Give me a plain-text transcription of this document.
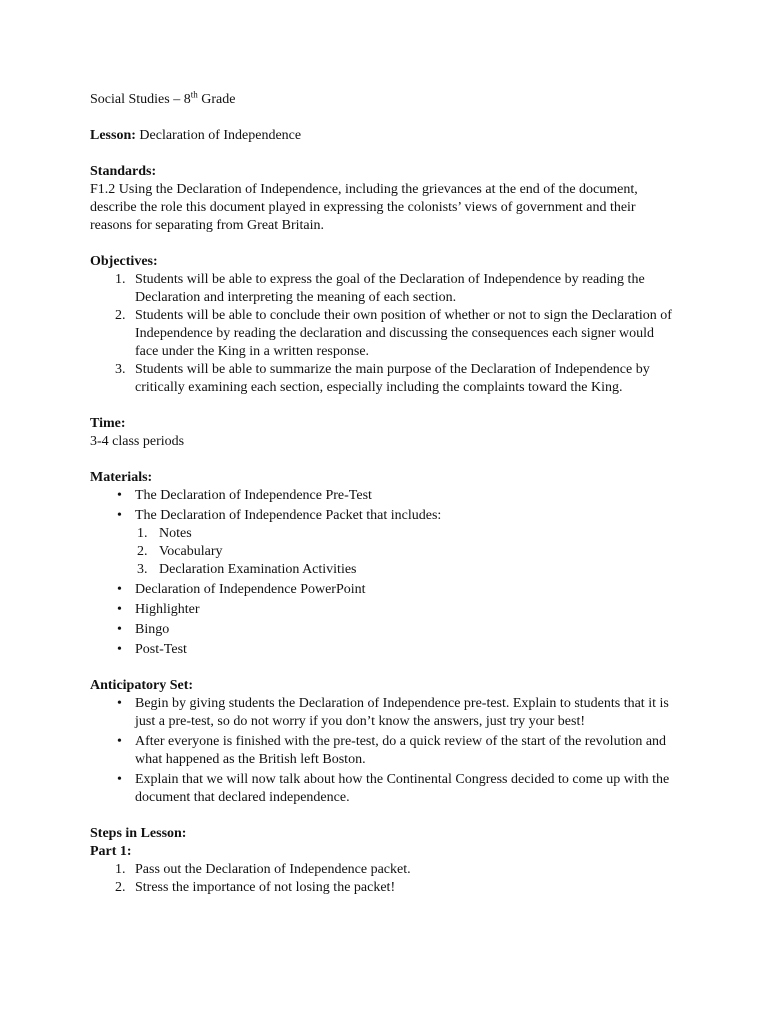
Social Studies – 8th Grade

Lesson: Declaration of Independence

Standards:

F1.2 Using the Declaration of Independence, including the grievances at the end of the document, describe the role this document played in expressing the colonists’ views of government and their reasons for separating from Great Britain.

Objectives:

Students will be able to express the goal of the Declaration of Independence by reading the Declaration and interpreting the meaning of each section.
Students will be able to conclude their own position of whether or not to sign the Declaration of Independence by reading the declaration and discussing the consequences each signer would face under the King in a written response.
Students will be able to summarize the main purpose of the Declaration of Independence by critically examining each section, especially including the complaints toward the King.

Time:

3-4 class periods

Materials:

• The Declaration of Independence Pre-Test
• The Declaration of Independence Packet that includes:
Notes
Vocabulary
Declaration Examination Activities
• Declaration of Independence PowerPoint
• Highlighter
• Bingo
• Post-Test

Anticipatory Set:

• Begin by giving students the Declaration of Independence pre-test. Explain to students that it is just a pre-test, so do not worry if you don’t know the answers, just try your best!
• After everyone is finished with the pre-test, do a quick review of the start of the revolution and what happened as the British left Boston.
• Explain that we will now talk about how the Continental Congress decided to come up with the document that declared independence.

Steps in Lesson:

Part 1:

Pass out the Declaration of Independence packet.
Stress the importance of not losing the packet!
